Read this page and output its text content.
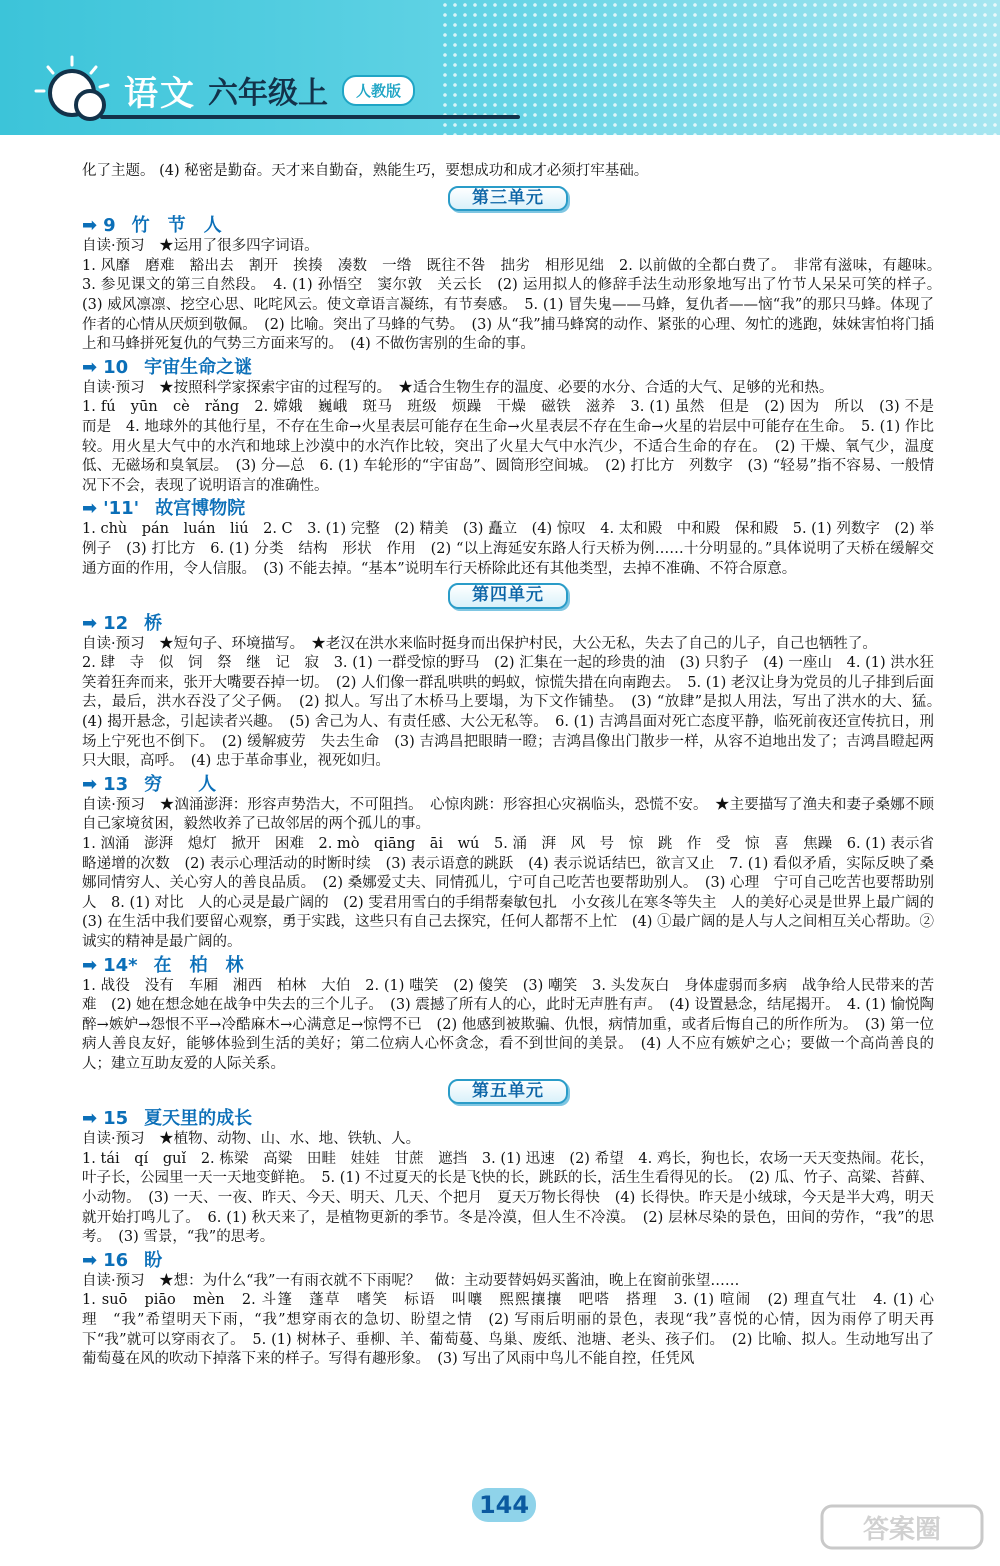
语文 六年级上	人教版

化了主题。 (4) 秘密是勤奋。天才来自勤奋，熟能生巧，要想成功和成才必须打牢基础。

第三单元
➡ 9 竹　节　人

自读·预习　★运用了很多四字词语。

1. 风靡　磨难　豁出去　割开　挨揍　凑数　一绺　既往不咎　拙劣　相形见绌　2. 以前做的全都白费了。　非常有滋味，有趣味。　3. 参见课文的第三自然段。　4. (1) 孙悟空　窦尔敦　关云长　(2) 运用拟人的修辞手法生动形象地写出了竹节人呆呆可笑的样子。　(3) 威风凛凛、挖空心思、叱咤风云。使文章语言凝练，有节奏感。　5. (1) 冒失鬼——马蜂，复仇者——恼“我”的那只马蜂。体现了作者的心情从厌烦到敬佩。　(2) 比喻。突出了马蜂的气势。　(3) 从“我”捕马蜂窝的动作、紧张的心理、匆忙的逃跑，妹妹害怕将门插上和马蜂拼死复仇的气势三方面来写的。　(4) 不做伤害别的生命的事。

➡ 10 宇宙生命之谜

自读·预习　★按照科学家探索宇宙的过程写的。　★适合生物生存的温度、必要的水分、合适的大气、足够的光和热。

1. fú　yūn　cè　rǎng　2. 嫦娥　巍峨　斑马　班级　烦躁　干燥　磁铁　滋养　3. (1) 虽然　但是　(2) 因为　所以　(3) 不是　而是　4. 地球外的其他行星，不存在生命→火星表层可能存在生命→火星表层不存在生命→火星的岩层中可能存在生命。　5. (1) 作比较。用火星大气中的水汽和地球上沙漠中的水汽作比较，突出了火星大气中水汽少，不适合生命的存在。　(2) 干燥、氧气少，温度低、无磁场和臭氧层。　(3) 分—总　6. (1) 车轮形的“宇宙岛”、圆筒形空间城。　(2) 打比方　列数字　(3) “轻易”指不容易、一般情况下不会，表现了说明语言的准确性。

➡ '11' 故宫博物院

1. chù　pán　luán　liú　2. C　3. (1) 完整　(2) 精美　(3) 矗立　(4) 惊叹　4. 太和殿　中和殿　保和殿　5. (1) 列数字　(2) 举例子　(3) 打比方　6. (1) 分类　结构　形状　作用　(2) “以上海延安东路人行天桥为例……十分明显的。”具体说明了天桥在缓解交通方面的作用，令人信服。　(3) 不能去掉。“基本”说明车行天桥除此还有其他类型，去掉不准确、不符合原意。

第四单元
➡ 12 桥

自读·预习　★短句子、环境描写。　★老汉在洪水来临时挺身而出保护村民，大公无私，失去了自己的儿子，自己也牺牲了。

2. 肆　寺　似　饲　祭　继　记　寂　3. (1) 一群受惊的野马　(2) 汇集在一起的珍贵的油　(3) 只豹子　(4) 一座山　4. (1) 洪水狂笑着狂奔而来，张开大嘴要吞掉一切。　(2) 人们像一群乱哄哄的蚂蚁，惊慌失措在向南跑去。　5. (1) 老汉让身为党员的儿子排到后面去，最后，洪水吞没了父子俩。　(2) 拟人。写出了木桥马上要塌，为下文作铺垫。　(3) “放肆”是拟人用法，写出了洪水的大、猛。　(4) 揭开悬念，引起读者兴趣。　(5) 舍己为人、有责任感、大公无私等。　6. (1) 吉鸿昌面对死亡态度平静，临死前夜还宣传抗日，刑场上宁死也不倒下。　(2) 缓解疲劳　失去生命　(3) 吉鸿昌把眼睛一瞪；吉鸿昌像出门散步一样，从容不迫地出发了；吉鸿昌瞪起两只大眼，高呼。　(4) 忠于革命事业，视死如归。

➡ 13 穷　　人

自读·预习　★汹涌澎湃：形容声势浩大，不可阻挡。　心惊肉跳：形容担心灾祸临头，恐慌不安。　★主要描写了渔夫和妻子桑娜不顾自己家境贫困，毅然收养了已故邻居的两个孤儿的事。

1. 汹涌　澎湃　熄灯　掀开　困难　2. mò　qiāng　āi　wú　5. 涌　湃　风　号　惊　跳　作　受　惊　喜　焦躁　6. (1) 表示省略递增的次数　(2) 表示心理活动的时断时续　(3) 表示语意的跳跃　(4) 表示说话结巴，欲言又止　7. (1) 看似矛盾，实际反映了桑娜同情穷人、关心穷人的善良品质。　(2) 桑娜爱丈夫、同情孤儿，宁可自己吃苦也要帮助别人。　(3) 心理　宁可自己吃苦也要帮助别人　8. (1) 对比　人的心灵是最广阔的　(2) 雯君用雪白的手绢帮秦敏包扎　小女孩儿在寒冬等失主　人的美好心灵是世界上最广阔的　(3) 在生活中我们要留心观察，勇于实践，这些只有自己去探究，任何人都帮不上忙　(4) ①最广阔的是人与人之间相互关心帮助。②诚实的精神是最广阔的。

➡ 14* 在　柏　林

1. 战役　没有　车厢　湘西　柏林　大伯　2. (1) 嗤笑　(2) 傻笑　(3) 嘲笑　3. 头发灰白　身体虚弱而多病　战争给人民带来的苦难　(2) 她在想念她在战争中失去的三个儿子。　(3) 震撼了所有人的心，此时无声胜有声。　(4) 设置悬念，结尾揭开。　4. (1) 愉悦陶醉→嫉妒→怨恨不平→冷酷麻木→心满意足→惊愕不已　(2) 他感到被欺骗、仇恨，病情加重，或者后悔自己的所作所为。　(3) 第一位病人善良友好，能够体验到生活的美好；第二位病人心怀贪念，看不到世间的美景。　(4) 人不应有嫉妒之心；要做一个高尚善良的人；建立互助友爱的人际关系。

第五单元
➡ 15 夏天里的成长

自读·预习　★植物、动物、山、水、地、铁轨、人。

1. tái　qí　guǐ　2. 栋梁　高粱　田畦　娃娃　甘蔗　遮挡　3. (1) 迅速　(2) 希望　4. 鸡长，狗也长，农场一天天变热闹。花长，叶子长，公园里一天一天地变鲜艳。　5. (1) 不过夏天的长是飞快的长，跳跃的长，活生生看得见的长。　(2) 瓜、竹子、高粱、苔藓、小动物。　(3) 一天、一夜、昨天、今天、明天、几天、个把月　夏天万物长得快　(4) 长得快。昨天是小绒球，今天是半大鸡，明天就开始打鸣儿了。　6. (1) 秋天来了，是植物更新的季节。冬是冷漠，但人生不冷漠。　(2) 层林尽染的景色，田间的劳作，“我”的思考。　(3) 雪景，“我”的思考。

➡ 16 盼

自读·预习　★想：为什么“我”一有雨衣就不下雨呢？　做：主动要替妈妈买酱油，晚上在窗前张望……

1. suō　piāo　mèn　2. 斗篷　蓬草　嗜笑　标语　叫嚷　熙熙攘攘　吧嗒　搭理　3. (1) 喧闹　(2) 理直气壮　4. (1) 心理　“我”希望明天下雨，“我”想穿雨衣的急切、盼望之情　(2) 写雨后明丽的景色，表现“我”喜悦的心情，因为雨停了明天再下“我”就可以穿雨衣了。　5. (1) 树林子、垂柳、羊、葡萄蔓、鸟巢、废纸、池塘、老头、孩子们。　(2) 比喻、拟人。生动地写出了葡萄蔓在风的吹动下掉落下来的样子。写得有趣形象。　(3) 写出了风雨中鸟儿不能自控，任凭风

144
答案圈
